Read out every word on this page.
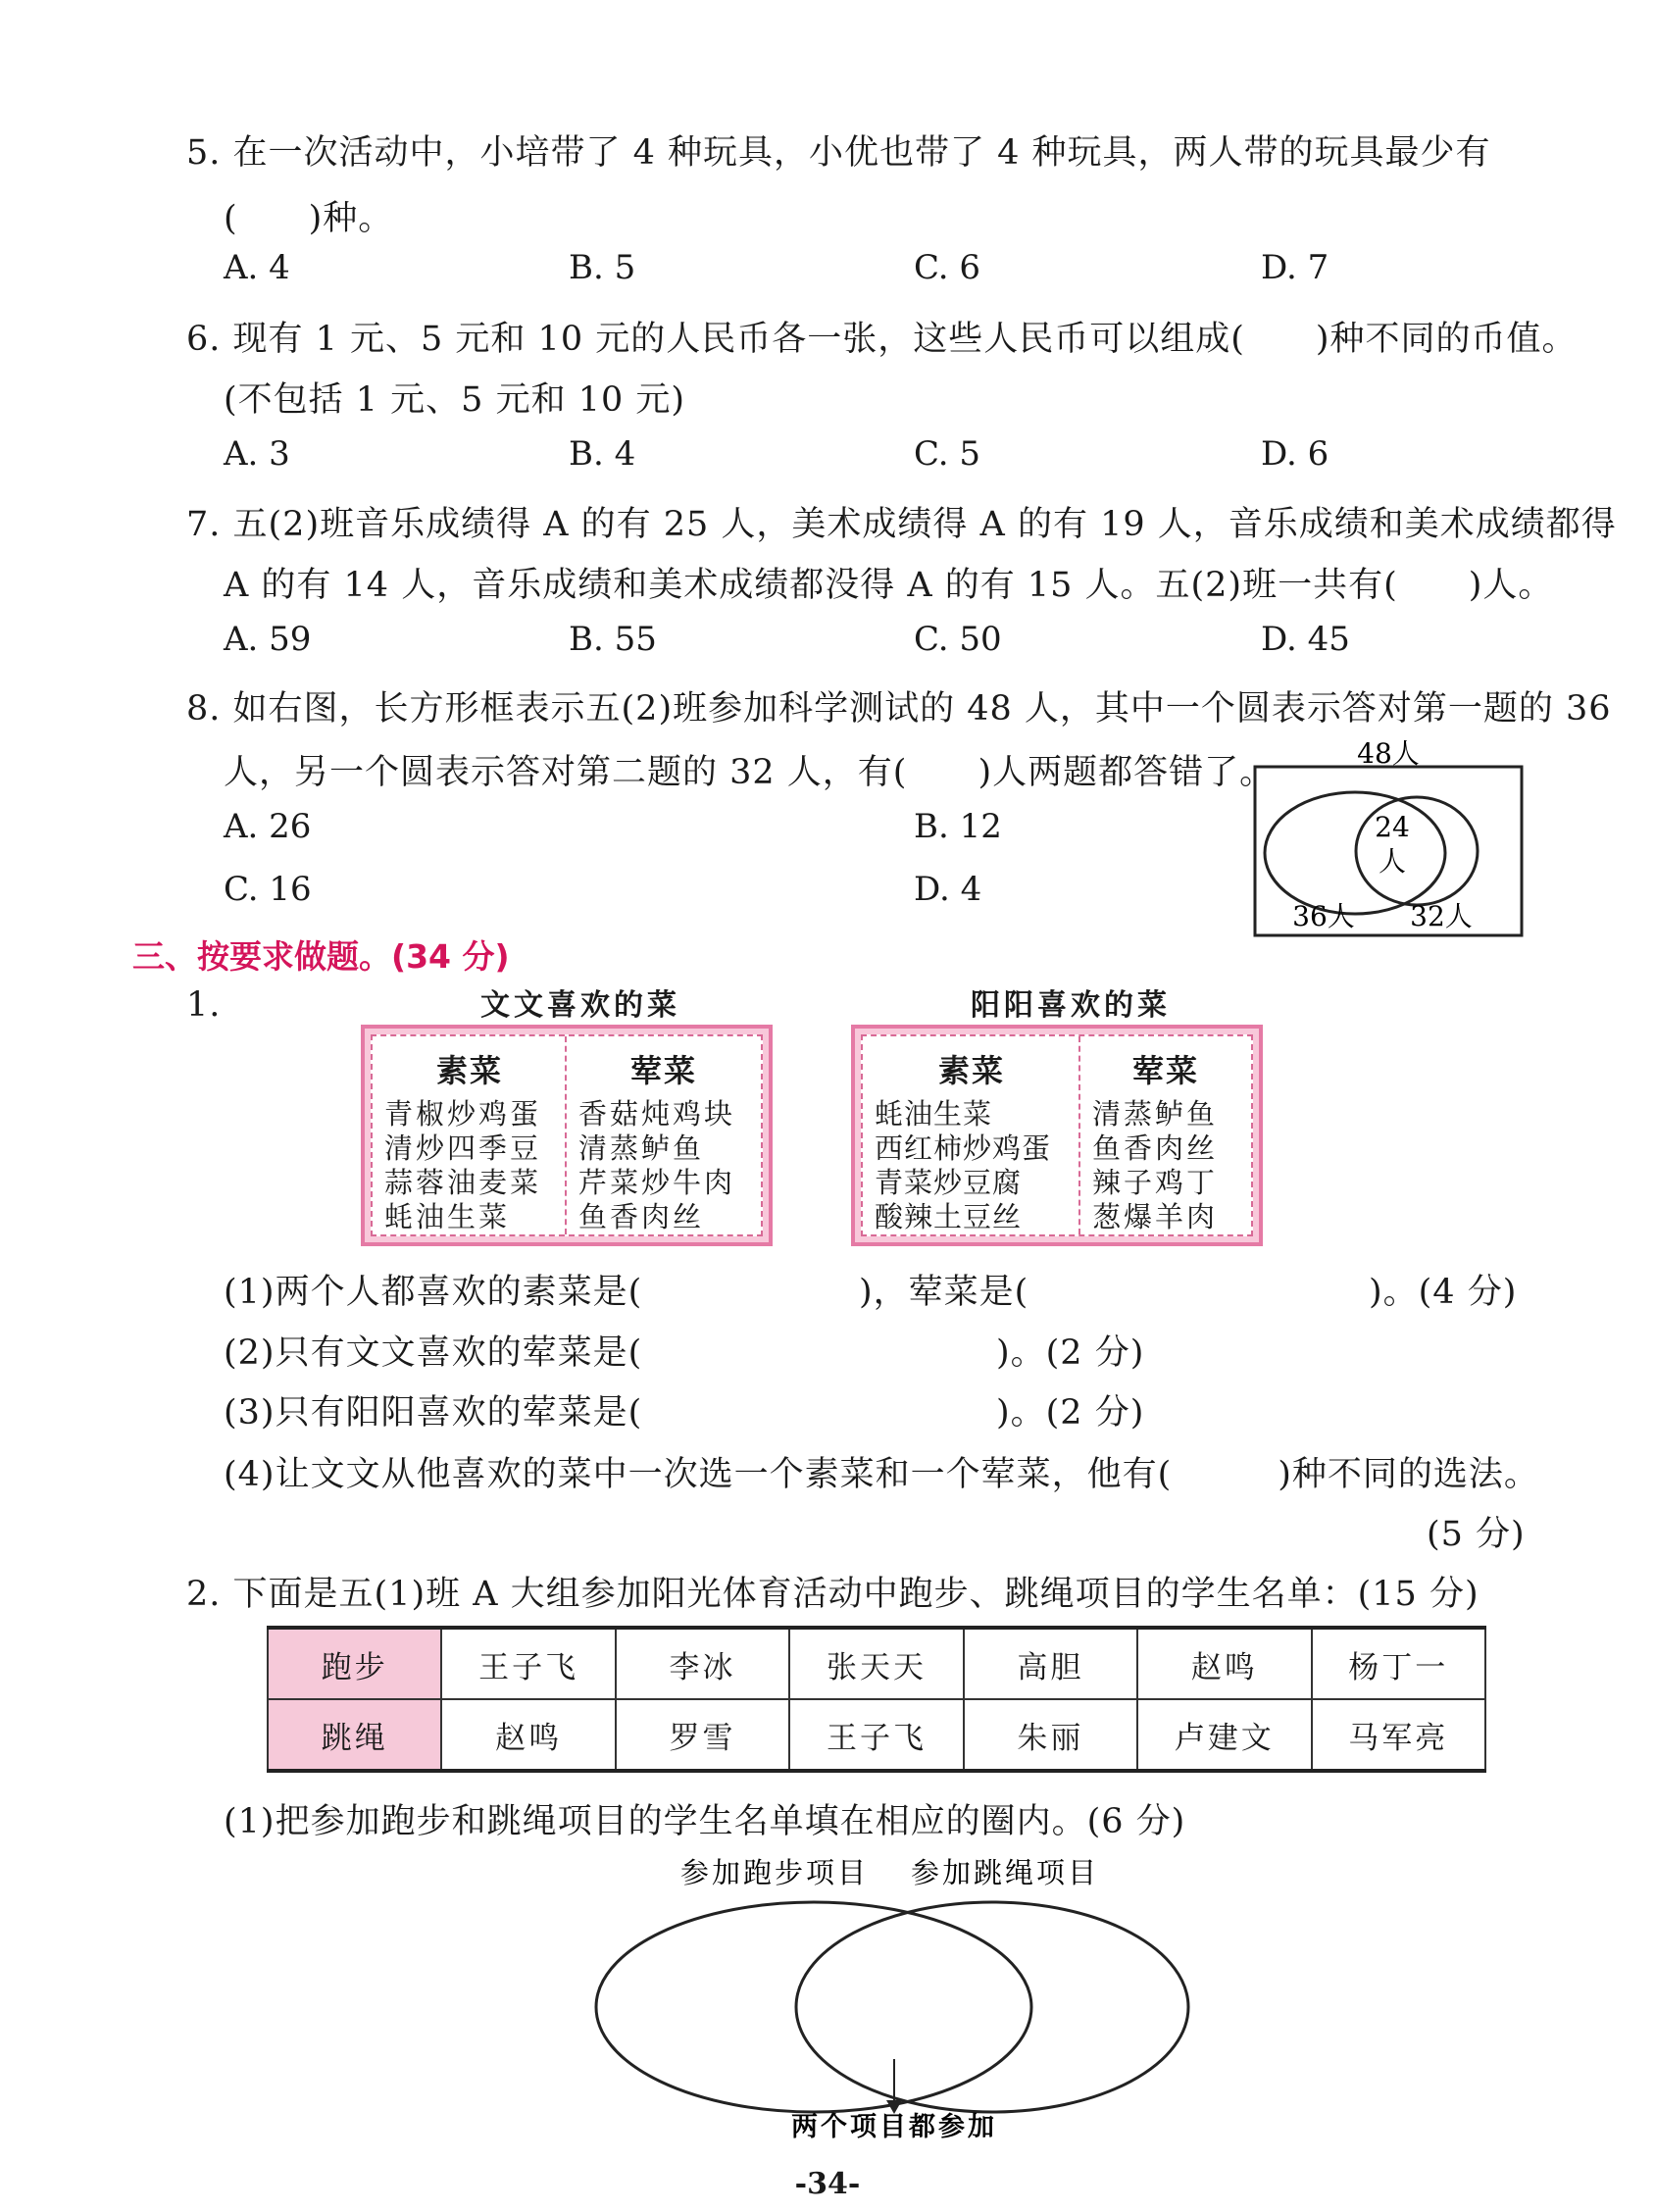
5. 在一次活动中，小培带了 4 种玩具，小优也带了 4 种玩具，两人带的玩具最少有
(　　)种。
A. 4	B. 5	C. 6	D. 7
6. 现有 1 元、5 元和 10 元的人民币各一张，这些人民币可以组成(　　)种不同的币值。
(不包括 1 元、5 元和 10 元)
A. 3	B. 4	C. 5	D. 6
7. 五(2)班音乐成绩得 A 的有 25 人，美术成绩得 A 的有 19 人，音乐成绩和美术成绩都得
A 的有 14 人，音乐成绩和美术成绩都没得 A 的有 15 人。五(2)班一共有(　　)人。
A. 59	B. 55	C. 50	D. 45
8. 如右图，长方形框表示五(2)班参加科学测试的 48 人，其中一个圆表示答对第一题的 36
人，另一个圆表示答对第二题的 32 人，有(　　)人两题都答错了。
A. 26	B. 12
C. 16	D. 4
48人
24
人
36人 32人
三、按要求做题。(34 分)
1.	文文喜欢的菜	阳阳喜欢的菜
素菜
青椒炒鸡蛋
清炒四季豆
蒜蓉油麦菜
蚝油生菜
荤菜
香菇炖鸡块
清蒸鲈鱼
芹菜炒牛肉
鱼香肉丝
素菜
蚝油生菜
西红柿炒鸡蛋
青菜炒豆腐
酸辣土豆丝
荤菜
清蒸鲈鱼
鱼香肉丝
辣子鸡丁
葱爆羊肉
(1)两个人都喜欢的素菜是(	)，荤菜是(	)。(4 分)
(2)只有文文喜欢的荤菜是(	)。(2 分)
(3)只有阳阳喜欢的荤菜是(	)。(2 分)
(4)让文文从他喜欢的菜中一次选一个素菜和一个荤菜，他有(　　　)种不同的选法。
(5 分)
2. 下面是五(1)班 A 大组参加阳光体育活动中跑步、跳绳项目的学生名单：(15 分)
跑步	王子飞	李冰	张天天	高胆	赵鸣	杨丁一
跳绳	赵鸣	罗雪	王子飞	朱丽	卢建文	马军亮
(1)把参加跑步和跳绳项目的学生名单填在相应的圈内。(6 分)
参加跑步项目 参加跳绳项目
两个项目都参加
-34-
